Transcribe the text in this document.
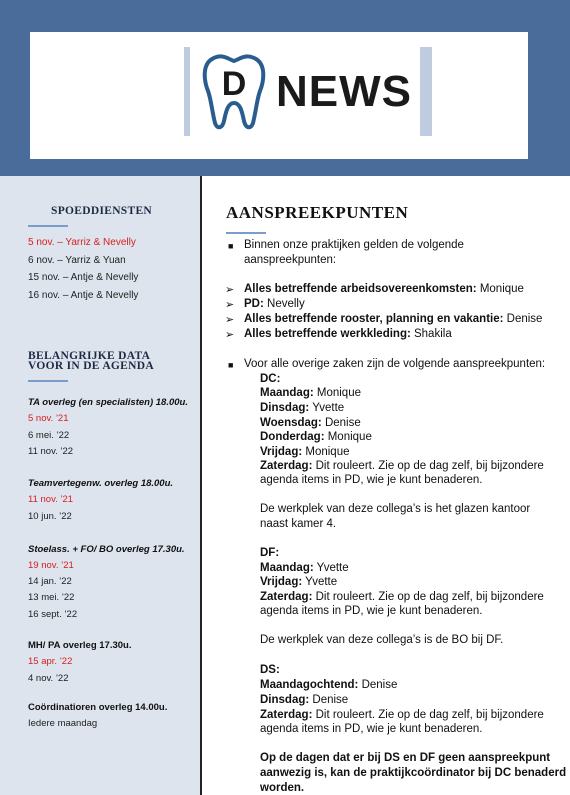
D NEWS
SPOEDDIENSTEN
5 nov. – Yarriz & Nevelly
6 nov. – Yarriz & Yuan
15 nov. – Antje & Nevelly
16 nov. – Antje & Nevelly
BELANGRIJKE DATA
VOOR IN DE AGENDA
TA overleg (en specialisten) 18.00u.
5 nov. ’21
6 mei. ’22
11 nov. ’22
Teamvertegenw. overleg 18.00u.
11 nov. ’21
10 jun. ’22
Stoelass. + FO/ BO overleg 17.30u.
19 nov. ’21
14 jan. ’22
13 mei. ’22
16 sept. ’22
MH/ PA overleg 17.30u.
15 apr. ’22
4 nov. ’22
Coördinatioren overleg 14.00u.
Iedere maandag
AANSPREEKPUNTEN
■ Binnen onze praktijken gelden de volgende
aanspreekpunten:
➢ Alles betreffende arbeidsovereenkomsten: Monique
➢ PD: Nevelly
➢ Alles betreffende rooster, planning en vakantie: Denise
➢ Alles betreffende werkkleding: Shakila
■ Voor alle overige zaken zijn de volgende aanspreekpunten:
DC:
Maandag: Monique
Dinsdag: Yvette
Woensdag: Denise
Donderdag: Monique
Vrijdag: Monique
Zaterdag: Dit rouleert. Zie op de dag zelf, bij bijzondere
agenda items in PD, wie je kunt benaderen.
De werkplek van deze collega’s is het glazen kantoor
naast kamer 4.
DF:
Maandag: Yvette
Vrijdag: Yvette
Zaterdag: Dit rouleert. Zie op de dag zelf, bij bijzondere
agenda items in PD, wie je kunt benaderen.
De werkplek van deze collega’s is de BO bij DF.
DS:
Maandagochtend: Denise
Dinsdag: Denise
Zaterdag: Dit rouleert. Zie op de dag zelf, bij bijzondere
agenda items in PD, wie je kunt benaderen.
Op de dagen dat er bij DS en DF geen aanspreekpunt
aanwezig is, kan de praktijkcoördinator bij DC benaderd
worden.
